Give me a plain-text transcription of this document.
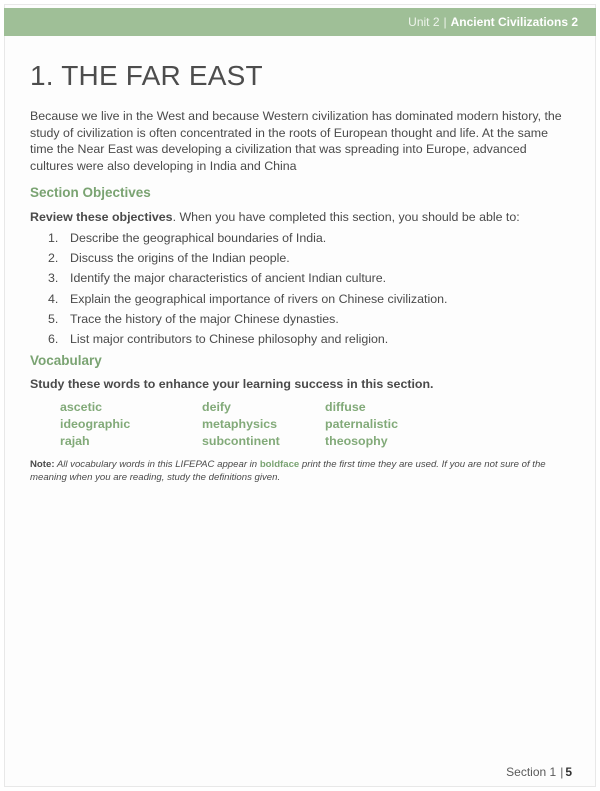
Unit 2 | Ancient Civilizations 2
1. THE FAR EAST

Because we live in the West and because Western civilization has dominated modern history, the study of civilization is often concentrated in the roots of European thought and life. At the same time the Near East was developing a civilization that was spreading into Europe, advanced cultures were also developing in India and China

Section Objectives

Review these objectives. When you have completed this section, you should be able to:

1. Describe the geographical boundaries of India.
2. Discuss the origins of the Indian people.
3. Identify the major characteristics of ancient Indian culture.
4. Explain the geographical importance of rivers on Chinese civilization.
5. Trace the history of the major Chinese dynasties.
6. List major contributors to Chinese philosophy and religion.
Vocabulary

Study these words to enhance your learning success in this section.

ascetic	deify	diffuse
ideographic	metaphysics	paternalistic
rajah	subcontinent	theosophy

Note: All vocabulary words in this LIFEPAC appear in boldface print the first time they are used. If you are not sure of the meaning when you are reading, study the definitions given.

Section 1 | 5
